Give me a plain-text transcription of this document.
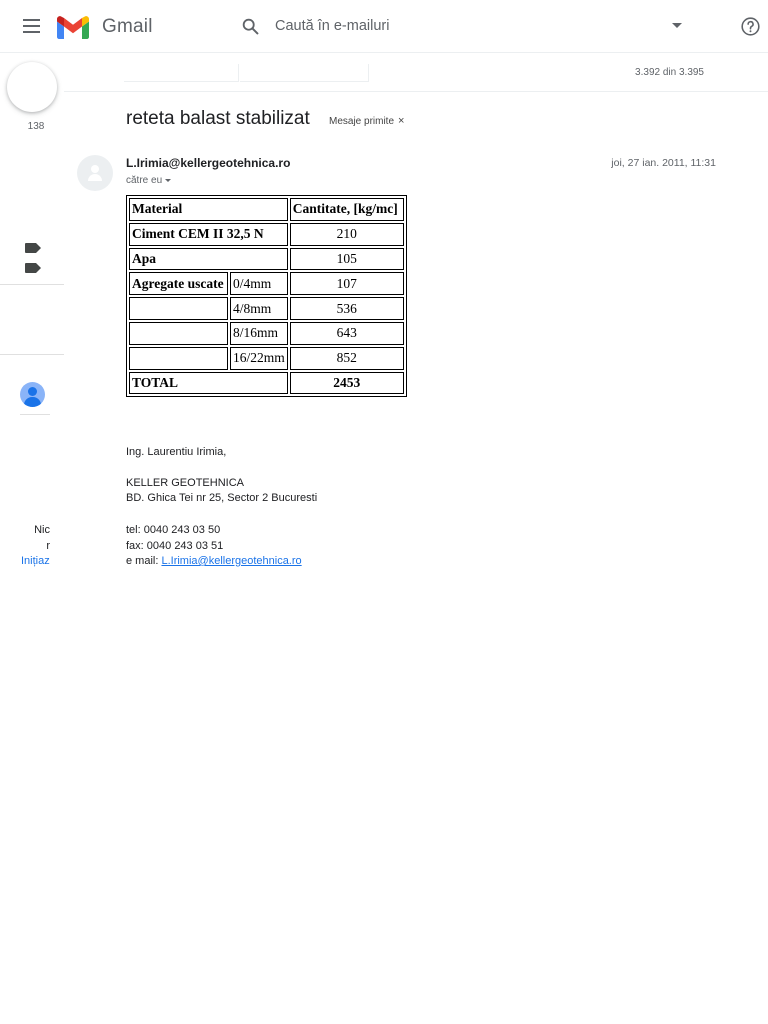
Gmail
Caută în e-mailuri
138
Nic
r
Inițiaz
3.392 din 3.395
reteta balast stabilizat Mesaje primite ×
L.Irimia@kellergeotehnica.ro
către eu
joi, 27 ian. 2011, 11:31
Material		Cantitate, [kg/mc]
Ciment CEM II 32,5 N		210
Apa		105
Agregate uscate	0/4mm	107
	4/8mm	536
	8/16mm	643
	16/22mm	852
TOTAL		2453
Ing. Laurentiu Irimia,
KELLER GEOTEHNICA
BD. Ghica Tei nr 25, Sector 2 Bucuresti
tel: 0040 243 03 50
fax: 0040 243 03 51
e mail: L.Irimia@kellergeotehnica.ro
